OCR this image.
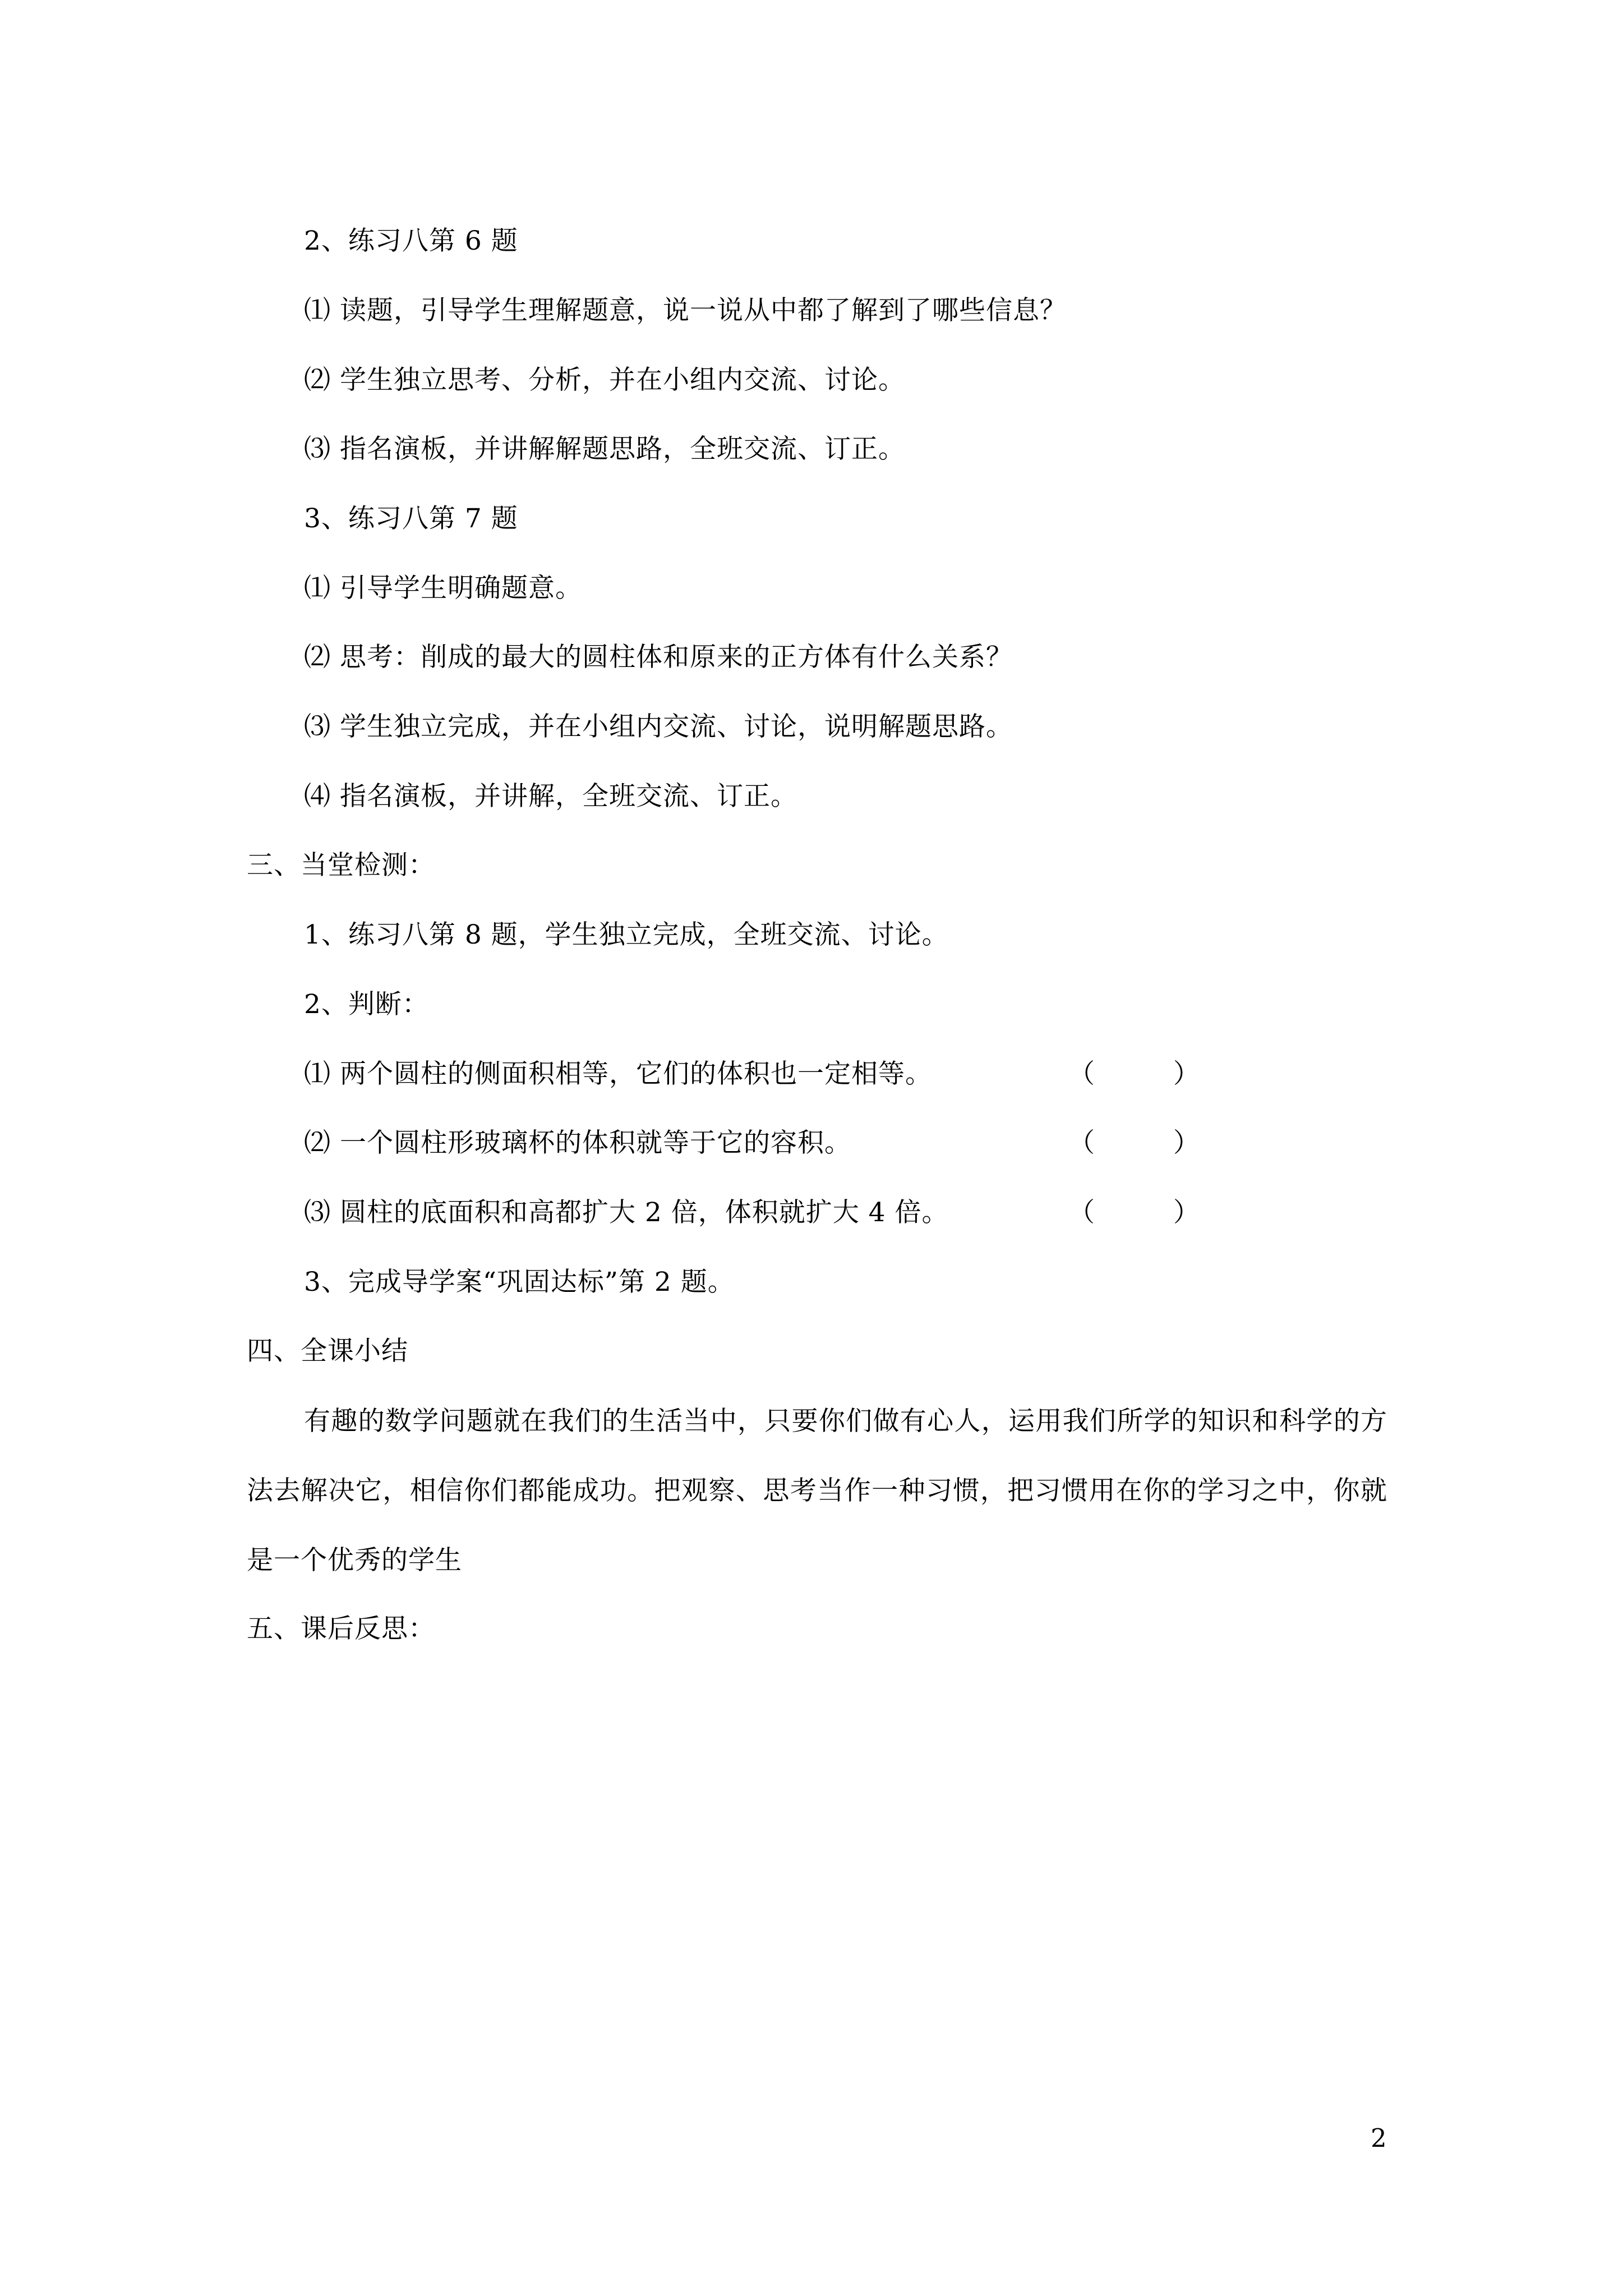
2、练习八第 6 题
⑴ 读题，引导学生理解题意，说一说从中都了解到了哪些信息？
⑵ 学生独立思考、分析，并在小组内交流、讨论。
⑶ 指名演板，并讲解解题思路，全班交流、订正。
3、练习八第 7 题
⑴ 引导学生明确题意。
⑵ 思考：削成的最大的圆柱体和原来的正方体有什么关系？
⑶ 学生独立完成，并在小组内交流、讨论，说明解题思路。
⑷ 指名演板，并讲解，全班交流、订正。
三、当堂检测：
1、练习八第 8 题，学生独立完成，全班交流、讨论。
2、判断：
⑴ 两个圆柱的侧面积相等，它们的体积也一定相等。	（	）
⑵ 一个圆柱形玻璃杯的体积就等于它的容积。	（	）
⑶ 圆柱的底面积和高都扩大 2 倍，体积就扩大 4 倍。	（	）
3、完成导学案“巩固达标”第 2 题。
四、全课小结
有趣的数学问题就在我们的生活当中，只要你们做有心人，运用我们所学的知识和科学的方法去解决它，相信你们都能成功。把观察、思考当作一种习惯，把习惯用在你的学习之中，你就是一个优秀的学生
五、课后反思：
2
